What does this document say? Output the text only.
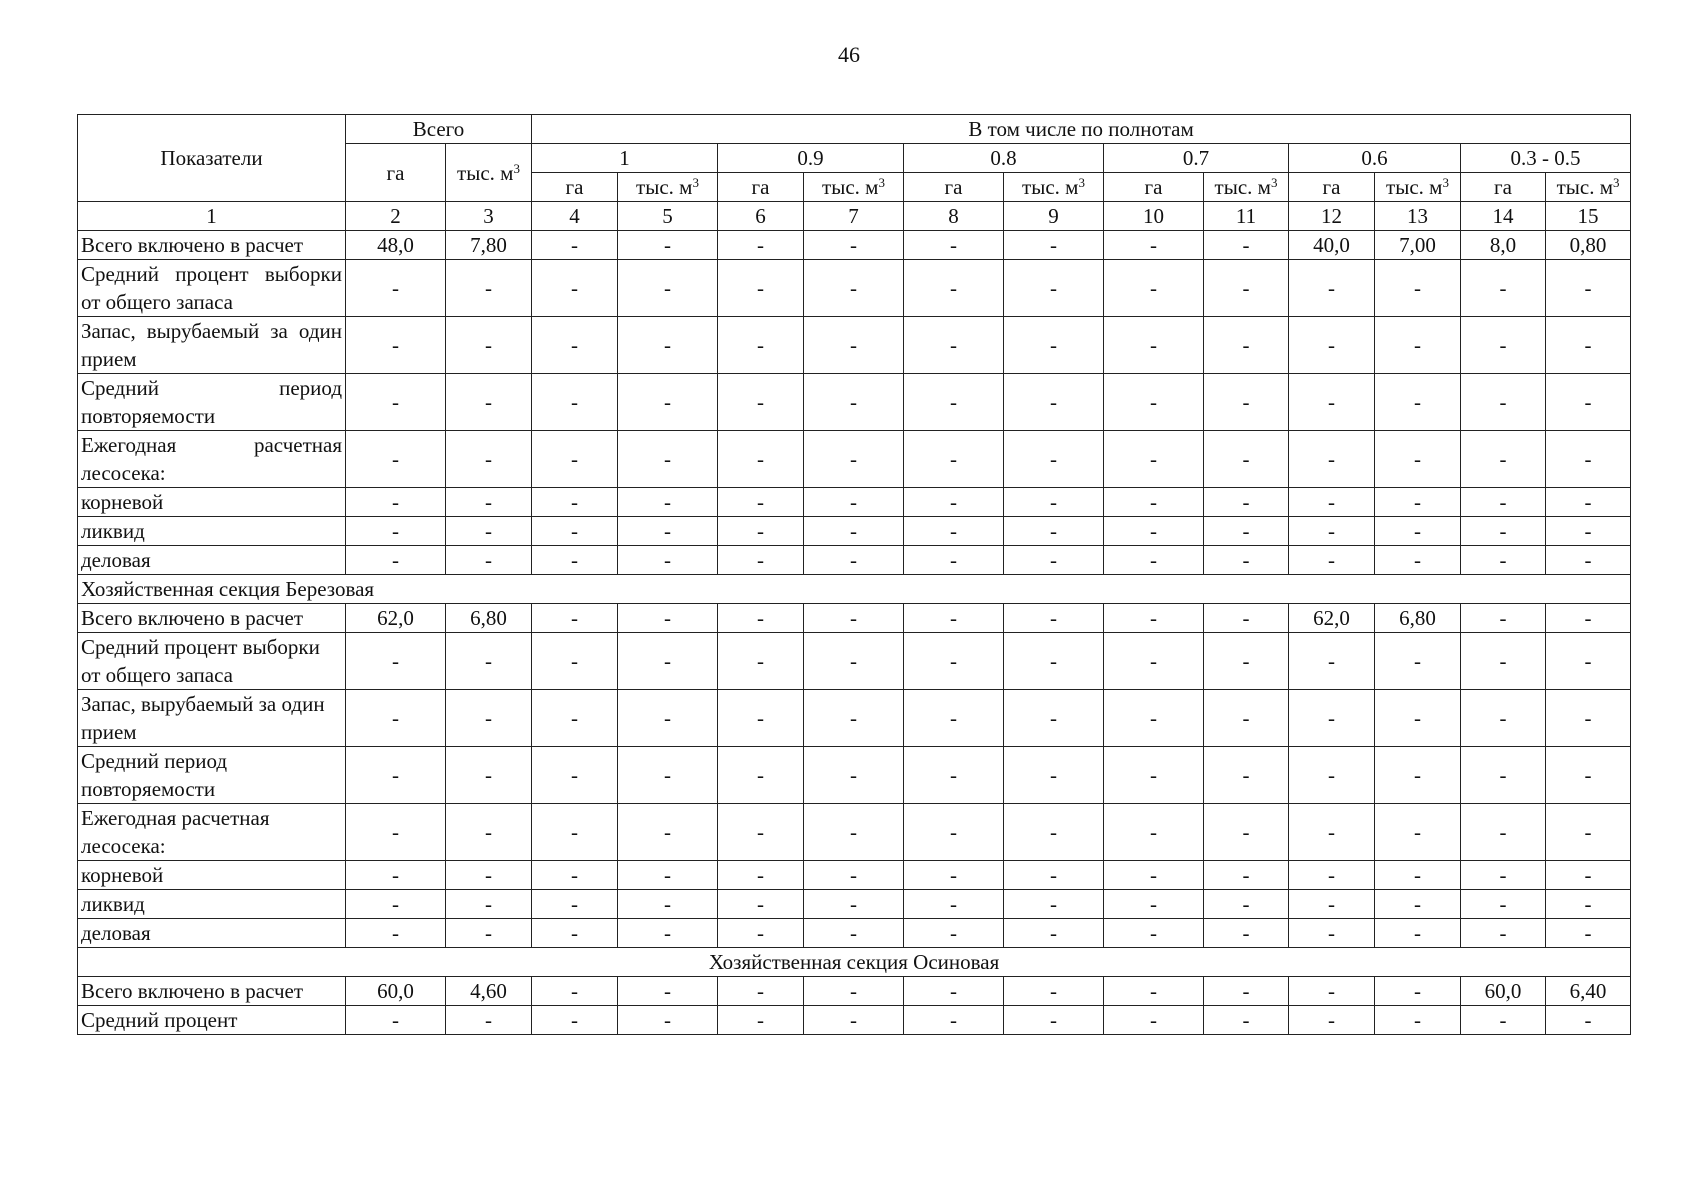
46
Показатели	Всего		В том числе по полнотам											
	га	тыс. $м^3$	1		0.9		0.8		0.7		0.6		0.3 - 0.5	
			га	тыс. $м^3$	га	тыс. $м^3$	га	тыс. $м^3$	га	тыс. $м^3$	га	тыс. $м^3$	га	тыс. $м^3$
1	2	3	4	5	6	7	8	9	10	11	12	13	14	15
Всего включено в расчет	48,0	7,80	-	-	-	-	-	-	-	-	40,0	7,00	8,0	0,80
Средний процент выборки от общего запаса	-	-	-	-	-	-	-	-	-	-	-	-	-	-
Запас, вырубаемый за один прием	-	-	-	-	-	-	-	-	-	-	-	-	-	-
Средний период повторяемости	-	-	-	-	-	-	-	-	-	-	-	-	-	-
Ежегодная расчетная лесосека:	-	-	-	-	-	-	-	-	-	-	-	-	-	-
корневой	-	-	-	-	-	-	-	-	-	-	-	-	-	-
ликвид	-	-	-	-	-	-	-	-	-	-	-	-	-	-
деловая	-	-	-	-	-	-	-	-	-	-	-	-	-	-
Хозяйственная секция Березовая														
Всего включено в расчет	62,0	6,80	-	-	-	-	-	-	-	-	62,0	6,80	-	-
Средний процент выборки от общего запаса	-	-	-	-	-	-	-	-	-	-	-	-	-	-
Запас, вырубаемый за один прием	-	-	-	-	-	-	-	-	-	-	-	-	-	-
Средний период повторяемости	-	-	-	-	-	-	-	-	-	-	-	-	-	-
Ежегодная расчетная лесосека:	-	-	-	-	-	-	-	-	-	-	-	-	-	-
корневой	-	-	-	-	-	-	-	-	-	-	-	-	-	-
ликвид	-	-	-	-	-	-	-	-	-	-	-	-	-	-
деловая	-	-	-	-	-	-	-	-	-	-	-	-	-	-
Хозяйственная секция Осиновая														
Всего включено в расчет	60,0	4,60	-	-	-	-	-	-	-	-	-	-	60,0	6,40
Средний процент	-	-	-	-	-	-	-	-	-	-	-	-	-	-
